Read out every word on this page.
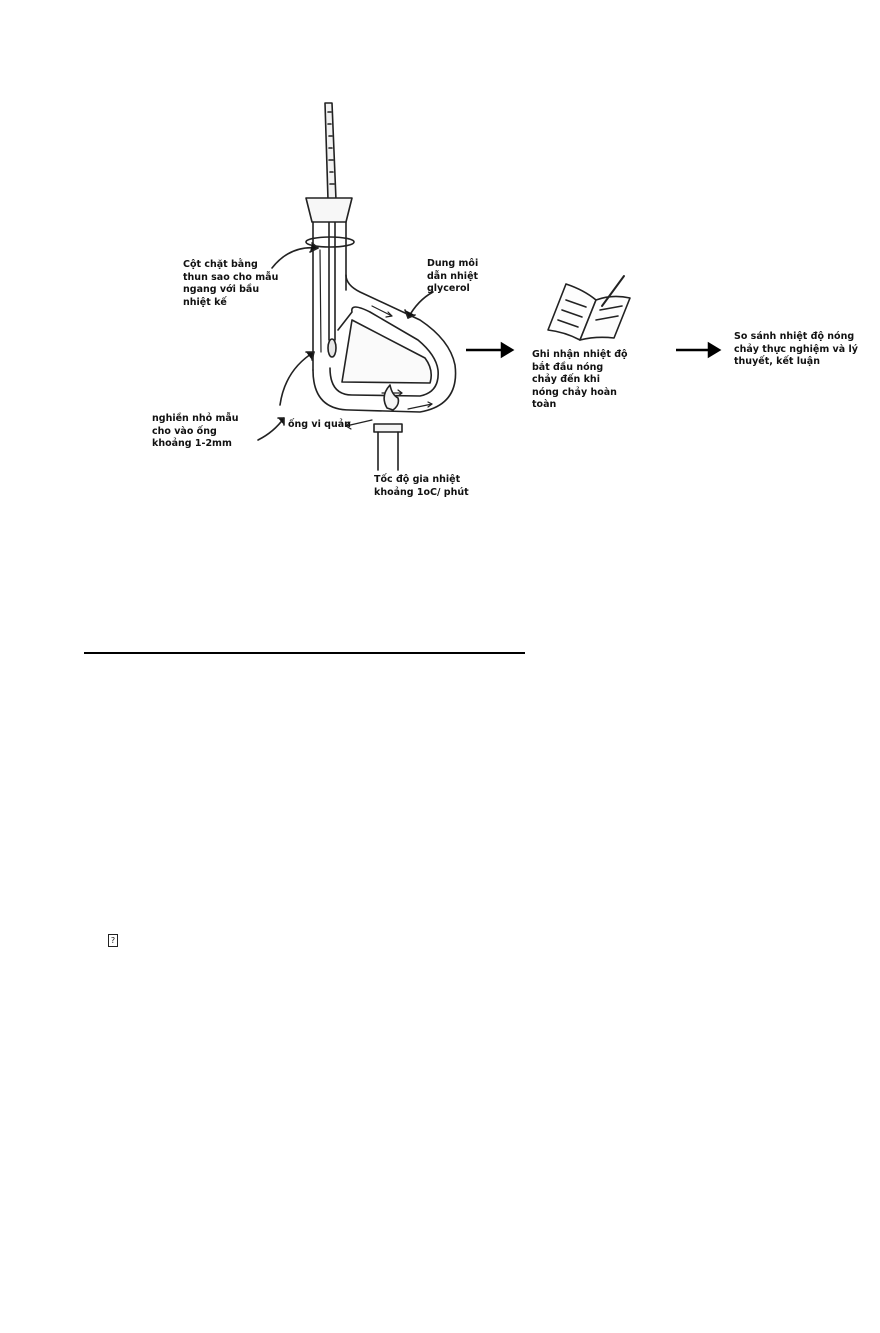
Cột chặt bằng
thun sao cho mẫu
ngang với bầu
nhiệt kế
Dung môi
dẫn nhiệt
glycerol
nghiền nhỏ mẫu
cho vào ống
khoảng 1-2mm
ống vi quản
Tốc độ gia nhiệt
khoảng 1oC/ phút
Ghi nhận nhiệt độ
bắt đầu nóng
chảy đến khi
nóng chảy hoàn
toàn
So sánh nhiệt độ nóng
chảy thực nghiệm và lý
thuyết, kết luận
?
